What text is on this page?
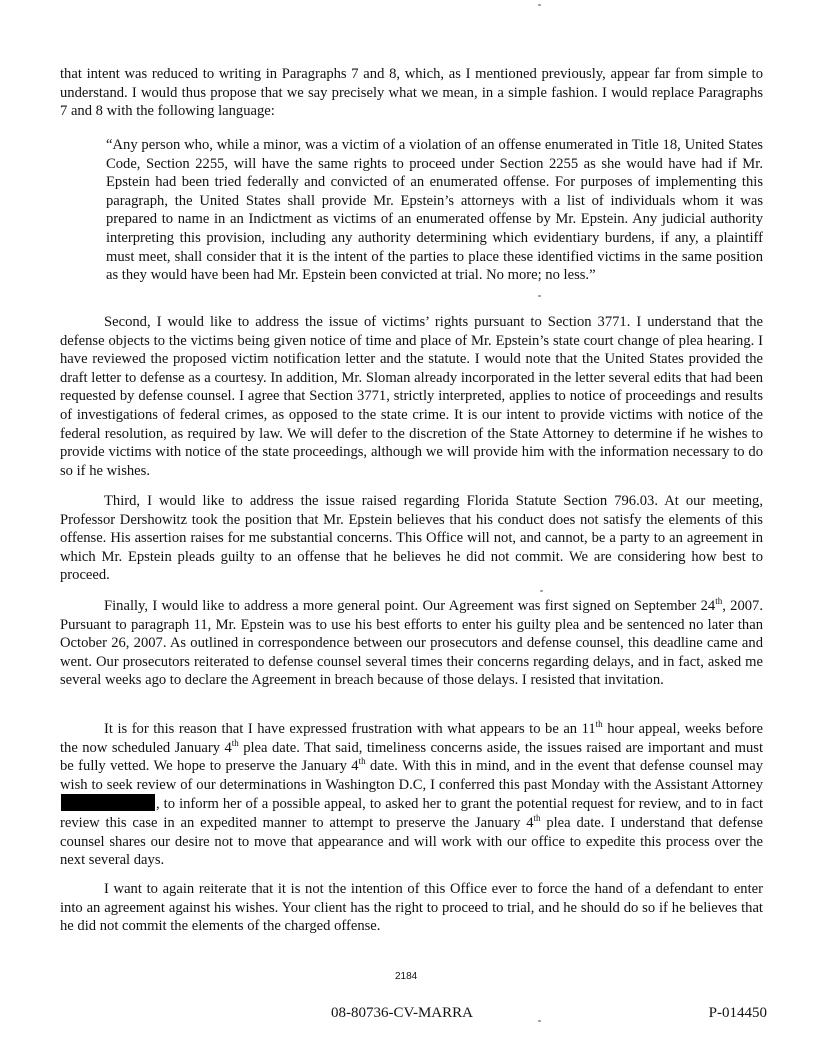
that intent was reduced to writing in Paragraphs 7 and 8, which, as I mentioned previously, appear far from simple to understand. I would thus propose that we say precisely what we mean, in a simple fashion. I would replace Paragraphs 7 and 8 with the following language:

“Any person who, while a minor, was a victim of a violation of an offense enumerated in Title 18, United States Code, Section 2255, will have the same rights to proceed under Section 2255 as she would have had if Mr. Epstein had been tried federally and convicted of an enumerated offense. For purposes of implementing this paragraph, the United States shall provide Mr. Epstein’s attorneys with a list of individuals whom it was prepared to name in an Indictment as victims of an enumerated offense by Mr. Epstein. Any judicial authority interpreting this provision, including any authority determining which evidentiary burdens, if any, a plaintiff must meet, shall consider that it is the intent of the parties to place these identified victims in the same position as they would have been had Mr. Epstein been convicted at trial. No more; no less.”

Second, I would like to address the issue of victims’ rights pursuant to Section 3771. I understand that the defense objects to the victims being given notice of time and place of Mr. Epstein’s state court change of plea hearing. I have reviewed the proposed victim notification letter and the statute. I would note that the United States provided the draft letter to defense as a courtesy. In addition, Mr. Sloman already incorporated in the letter several edits that had been requested by defense counsel. I agree that Section 3771, strictly interpreted, applies to notice of proceedings and results of investigations of federal crimes, as opposed to the state crime. It is our intent to provide victims with notice of the federal resolution, as required by law. We will defer to the discretion of the State Attorney to determine if he wishes to provide victims with notice of the state proceedings, although we will provide him with the information necessary to do so if he wishes.

Third, I would like to address the issue raised regarding Florida Statute Section 796.03. At our meeting, Professor Dershowitz took the position that Mr. Epstein believes that his conduct does not satisfy the elements of this offense. His assertion raises for me substantial concerns. This Office will not, and cannot, be a party to an agreement in which Mr. Epstein pleads guilty to an offense that he believes he did not commit. We are considering how best to proceed.

Finally, I would like to address a more general point. Our Agreement was first signed on September 24th, 2007. Pursuant to paragraph 11, Mr. Epstein was to use his best efforts to enter his guilty plea and be sentenced no later than October 26, 2007. As outlined in correspondence between our prosecutors and defense counsel, this deadline came and went. Our prosecutors reiterated to defense counsel several times their concerns regarding delays, and in fact, asked me several weeks ago to declare the Agreement in breach because of those delays. I resisted that invitation.

It is for this reason that I have expressed frustration with what appears to be an 11th hour appeal, weeks before the now scheduled January 4th plea date. That said, timeliness concerns aside, the issues raised are important and must be fully vetted. We hope to preserve the January 4th date. With this in mind, and in the event that defense counsel may wish to seek review of our determinations in Washington D.C, I conferred this past Monday with the Assistant Attorney , to inform her of a possible appeal, to asked her to grant the potential request for review, and to in fact review this case in an expedited manner to attempt to preserve the January 4th plea date. I understand that defense counsel shares our desire not to move that appearance and will work with our office to expedite this process over the next several days.

I want to again reiterate that it is not the intention of this Office ever to force the hand of a defendant to enter into an agreement against his wishes. Your client has the right to proceed to trial, and he should do so if he believes that he did not commit the elements of the charged offense.

2184
08-80736-CV-MARRA	P-014450
